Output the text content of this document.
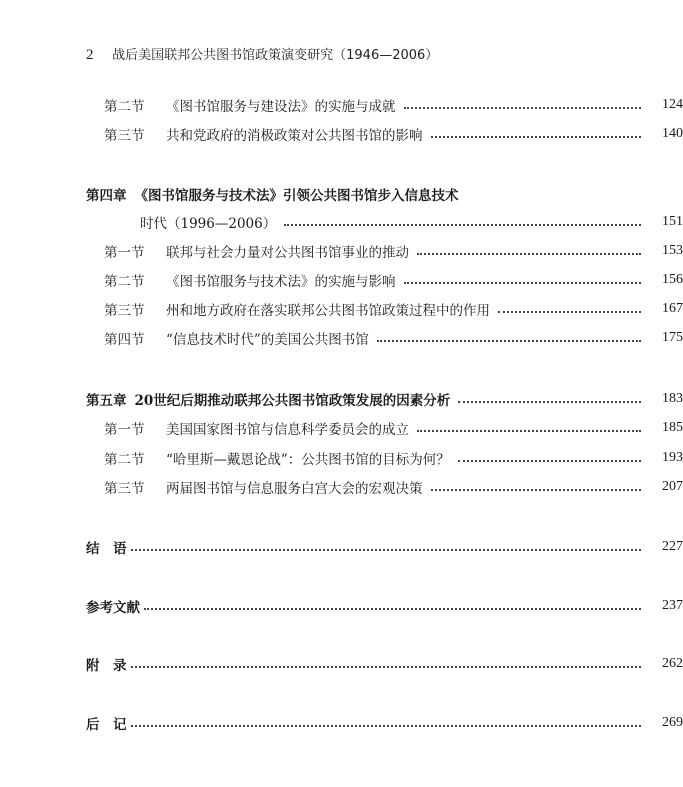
2 战后美国联邦公共图书馆政策演变研究（1946—2006）
第二节	《图书馆服务与建设法》的实施与成就	124
第三节	共和党政府的消极政策对公共图书馆的影响	140
第四章 《图书馆服务与技术法》引领公共图书馆步入信息技术
时代（1996—2006）	151
第一节	联邦与社会力量对公共图书馆事业的推动	153
第二节	《图书馆服务与技术法》的实施与影响	156
第三节	州和地方政府在落实联邦公共图书馆政策过程中的作用	167
第四节	“信息技术时代”的美国公共图书馆	175
第五章 20世纪后期推动联邦公共图书馆政策发展的因素分析	183
第一节	美国国家图书馆与信息科学委员会的成立	185
第二节	“哈里斯—戴恩论战”：公共图书馆的目标为何？	193
第三节	两届图书馆与信息服务白宫大会的宏观决策	207
结　语	227
参考文献	237
附　录	262
后　记	269
